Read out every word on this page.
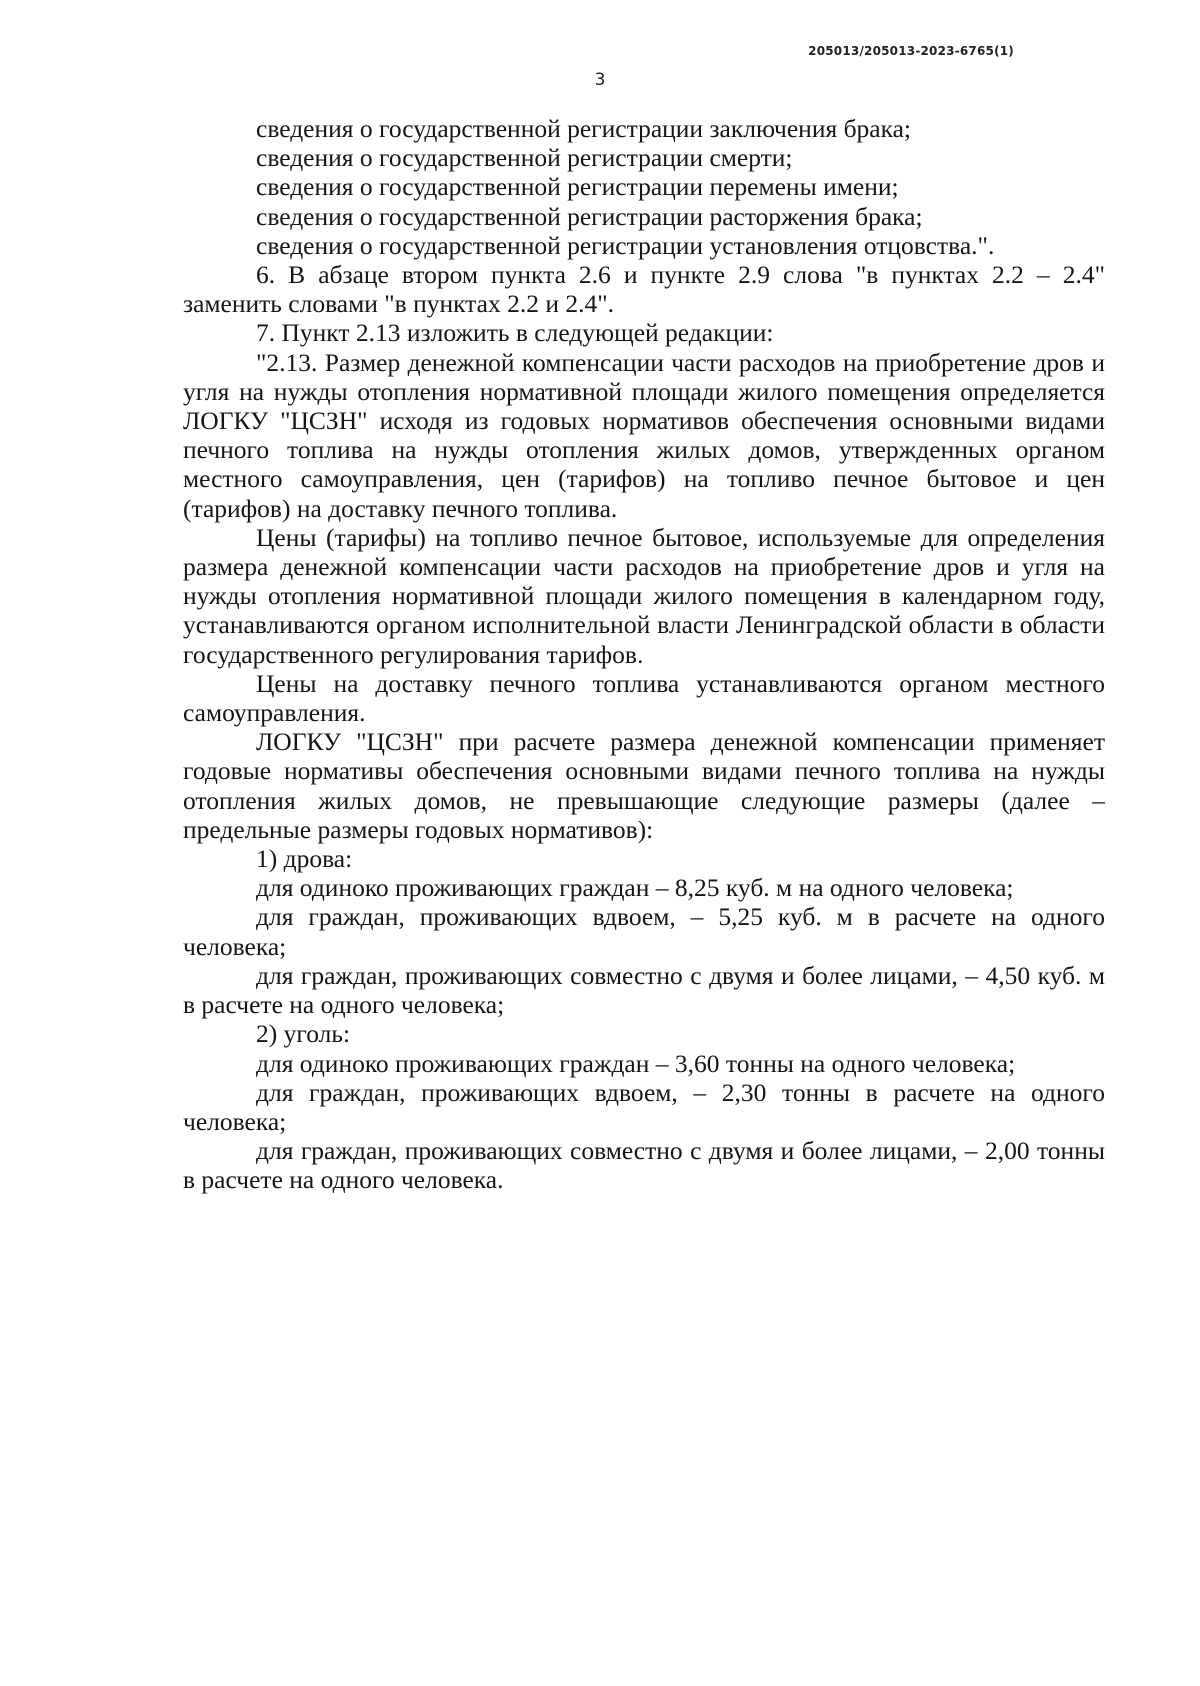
205013/205013-2023-6765(1)
3

сведения о государственной регистрации заключения брака;

сведения о государственной регистрации смерти;

сведения о государственной регистрации перемены имени;

сведения о государственной регистрации расторжения брака;

сведения о государственной регистрации установления отцовства.".

6. В абзаце втором пункта 2.6 и пункте 2.9 слова "в пунктах 2.2 – 2.4" заменить словами "в пунктах 2.2 и 2.4".

7. Пункт 2.13 изложить в следующей редакции:

"2.13. Размер денежной компенсации части расходов на приобретение дров и угля на нужды отопления нормативной площади жилого помещения определяется ЛОГКУ "ЦСЗН" исходя из годовых нормативов обеспечения основными видами печного топлива на нужды отопления жилых домов, утвержденных органом местного самоуправления, цен (тарифов) на топливо печное бытовое и цен (тарифов) на доставку печного топлива.

Цены (тарифы) на топливо печное бытовое, используемые для определения размера денежной компенсации части расходов на приобретение дров и угля на нужды отопления нормативной площади жилого помещения в календарном году, устанавливаются органом исполнительной власти Ленинградской области в области государственного регулирования тарифов.

Цены на доставку печного топлива устанавливаются органом местного самоуправления.

ЛОГКУ "ЦСЗН" при расчете размера денежной компенсации применяет годовые нормативы обеспечения основными видами печного топлива на нужды отопления жилых домов, не превышающие следующие размеры (далее – предельные размеры годовых нормативов):

1) дрова:

для одиноко проживающих граждан – 8,25 куб. м на одного человека;

для граждан, проживающих вдвоем, – 5,25 куб. м в расчете на одного человека;

для граждан, проживающих совместно с двумя и более лицами, – 4,50 куб. м в расчете на одного человека;

2) уголь:

для одиноко проживающих граждан – 3,60 тонны на одного человека;

для граждан, проживающих вдвоем, – 2,30 тонны в расчете на одного человека;

для граждан, проживающих совместно с двумя и более лицами, – 2,00 тонны в расчете на одного человека.
